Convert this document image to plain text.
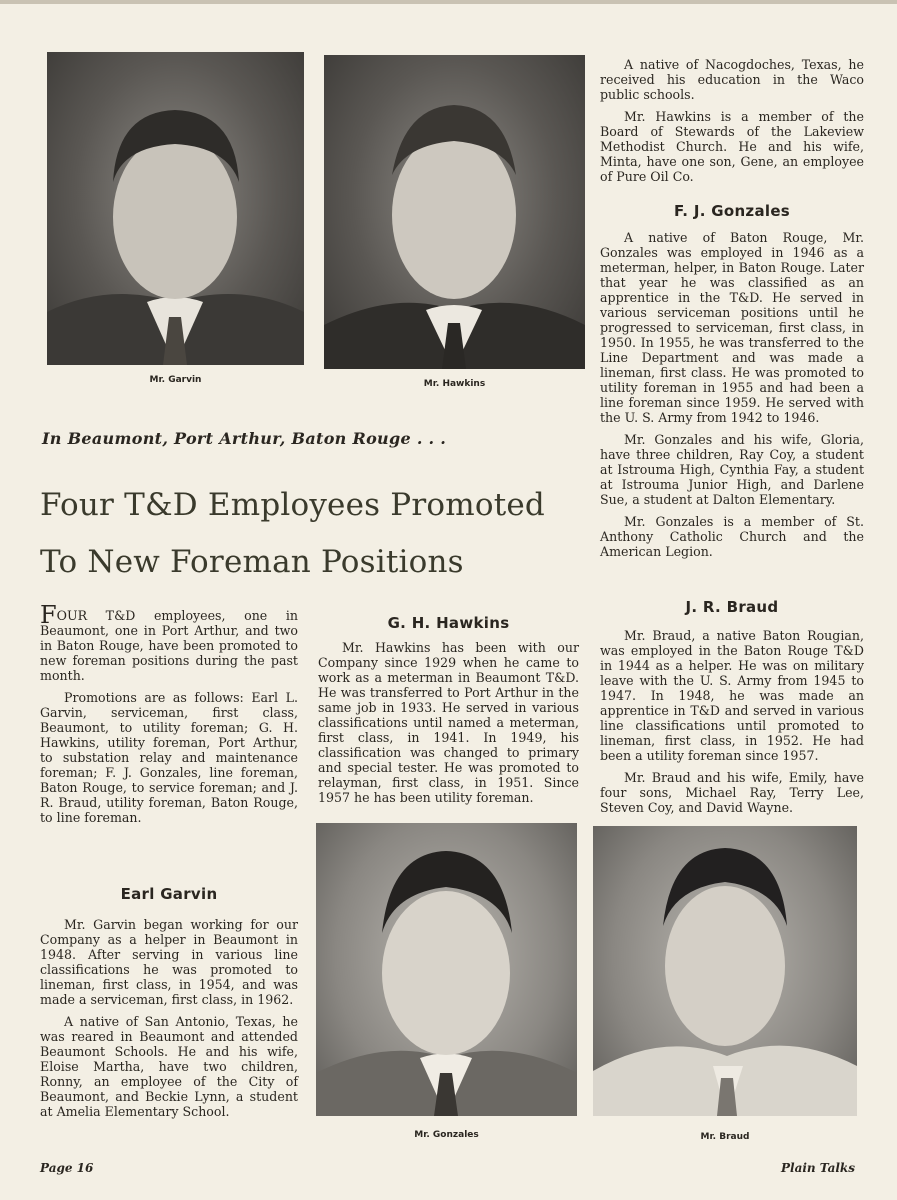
Mr. Garvin	Mr. Hawkins
Mr. Gonzales	Mr. Braud
In Beaumont, Port Arthur, Baton Rouge . . .
Four T&D Employees Promoted
To New Foreman Positions

FOUR T&D employees, one in Beaumont, one in Port Arthur, and two in Baton Rouge, have been promoted to new foreman positions during the past month.

Promotions are as follows: Earl L. Garvin, serviceman, first class, Beaumont, to utility foreman; G. H. Hawkins, utility foreman, Port Arthur, to substation relay and maintenance foreman; F. J. Gonzales, line foreman, Baton Rouge, to service foreman; and J. R. Braud, utility foreman, Baton Rouge, to line foreman.

Earl Garvin

Mr. Garvin began working for our Company as a helper in Beaumont in 1948. After serving in various line classifications he was promoted to lineman, first class, in 1954, and was made a serviceman, first class, in 1962.

A native of San Antonio, Texas, he was reared in Beaumont and attended Beaumont Schools. He and his wife, Eloise Martha, have two children, Ronny, an employee of the City of Beaumont, and Beckie Lynn, a student at Amelia Elementary School.

G. H. Hawkins

Mr. Hawkins has been with our Company since 1929 when he came to work as a meterman in Beaumont T&D. He was transferred to Port Arthur in the same job in 1933. He served in various classifications until named a meterman, first class, in 1941. In 1949, his classification was changed to primary and special tester. He was promoted to relayman, first class, in 1951. Since 1957 he has been utility foreman.

A native of Nacogdoches, Texas, he received his education in the Waco public schools.

Mr. Hawkins is a member of the Board of Stewards of the Lakeview Methodist Church. He and his wife, Minta, have one son, Gene, an employee of Pure Oil Co.

F. J. Gonzales

A native of Baton Rouge, Mr. Gonzales was employed in 1946 as a meterman, helper, in Baton Rouge. Later that year he was classified as an apprentice in the T&D. He served in various serviceman positions until he progressed to serviceman, first class, in 1950. In 1955, he was transferred to the Line Department and was made a lineman, first class. He was promoted to utility foreman in 1955 and had been a line foreman since 1959. He served with the U. S. Army from 1942 to 1946.

Mr. Gonzales and his wife, Gloria, have three children, Ray Coy, a student at Istrouma High, Cynthia Fay, a student at Istrouma Junior High, and Darlene Sue, a student at Dalton Elementary.

Mr. Gonzales is a member of St. Anthony Catholic Church and the American Legion.

J. R. Braud

Mr. Braud, a native Baton Rougian, was employed in the Baton Rouge T&D in 1944 as a helper. He was on military leave with the U. S. Army from 1945 to 1947. In 1948, he was made an apprentice in T&D and served in various line classifications until promoted to lineman, first class, in 1952. He had been a utility foreman since 1957.

Mr. Braud and his wife, Emily, have four sons, Michael Ray, Terry Lee, Steven Coy, and David Wayne.

Page 16	Plain Talks
